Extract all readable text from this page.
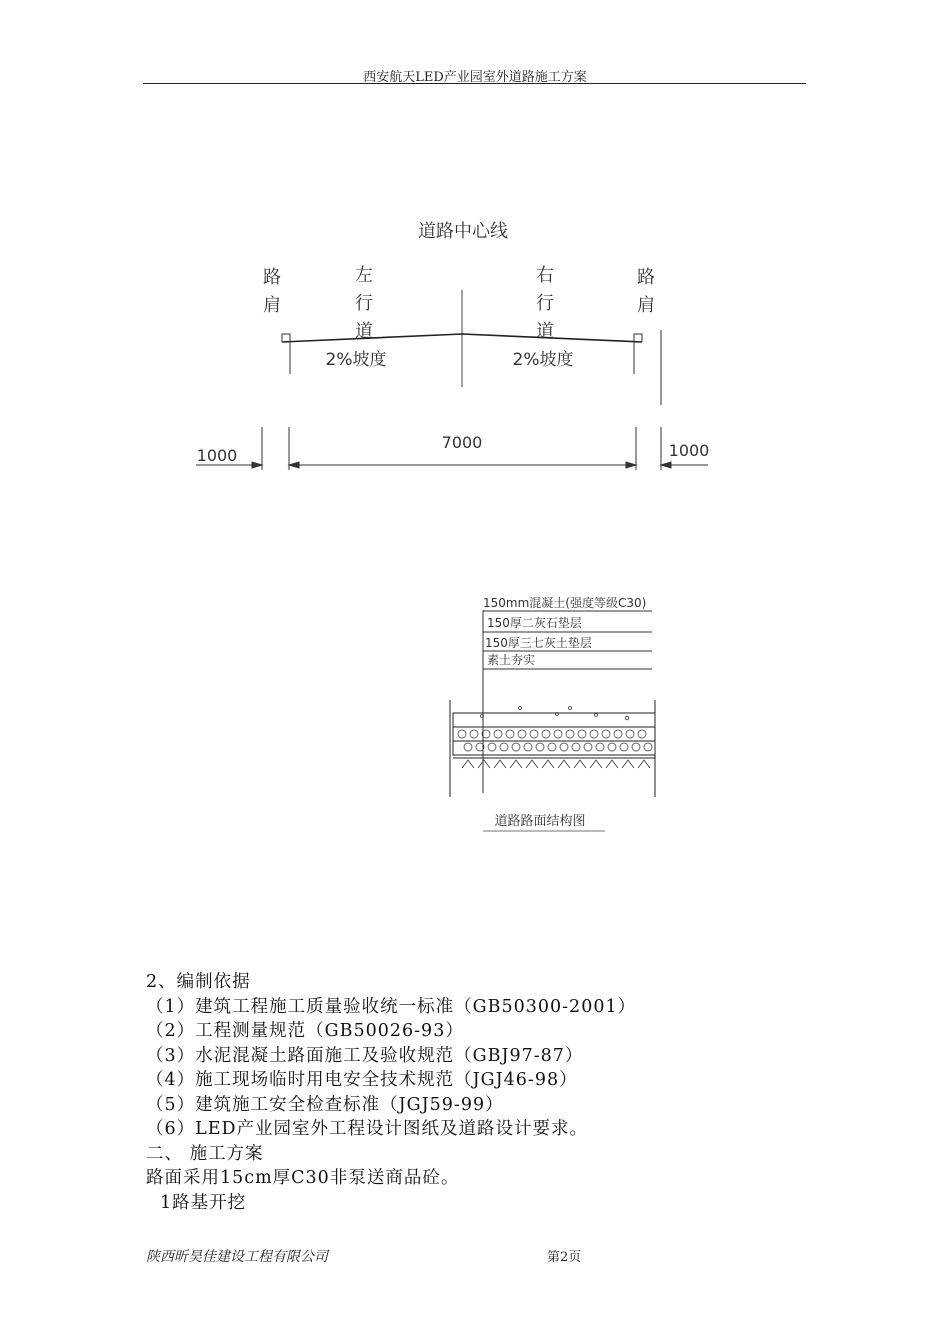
西安航天LED产业园室外道路施工方案
道路中心线
路
肩
左
行
道
右
行
道
路
肩
2%坡度	2%坡度
1000
7000	1000
150mm混凝土(强度等级C30)
150厚二灰石垫层
150厚三七灰土垫层
素土夯实
道路路面结构图
2、编制依据
（1）建筑工程施工质量验收统一标准（GB50300-2001）
（2）工程测量规范（GB50026-93）
（3）水泥混凝土路面施工及验收规范（GBJ97-87）
（4）施工现场临时用电安全技术规范（JGJ46-98）
（5）建筑施工安全检查标准（JGJ59-99）
（6）LED产业园室外工程设计图纸及道路设计要求。
二、 施工方案
路面采用15cm厚C30非泵送商品砼。
1路基开挖
陕西昕昊佳建设工程有限公司	第2页
